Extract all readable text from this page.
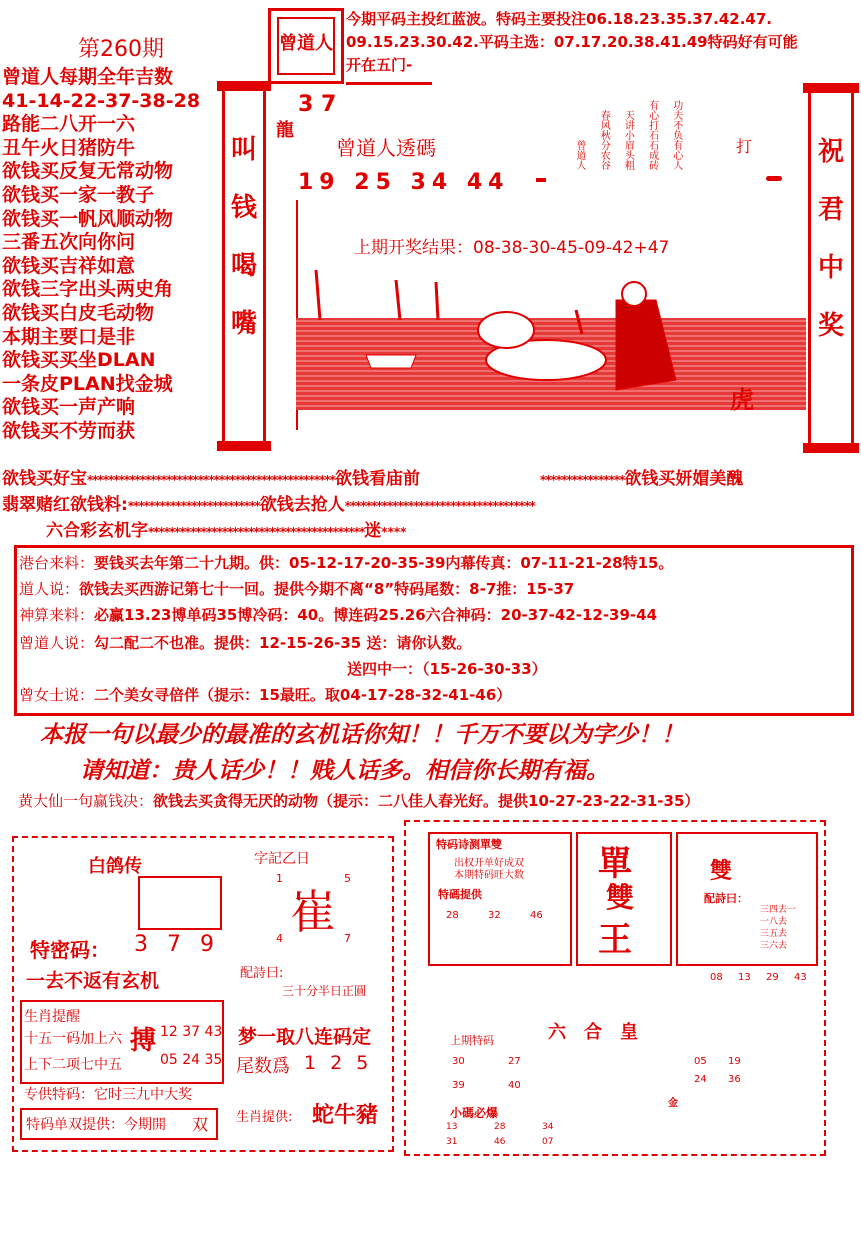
第260期
曾道人每期全年吉数
41-14-22-37-38-28
路能二八开一六
丑午火日猪防牛
欲钱买反复无常动物
欲钱买一家一教子
欲钱买一帆风顺动物
三番五次向你问
欲钱买吉祥如意
欲钱三字出头两史角
欲钱买白皮毛动物
本期主要口是非
欲钱买买坐DLAN
一条皮PLAN找金城
欲钱买一声产响
欲钱买不劳而获
曾道人
今期平码主投红蓝波。特码主要投注06.18.23.35.37.42.47.
09.15.23.30.42.平码主选：07.17.20.38.41.49特码好有可能
开在五门-
3 7
龍
曾道人透碼
19 25 34 44
打
曾道人 春风秋分农谷 天讲小眉头粗 有心打石石成砖 功夫不负有心人
上期开奖结果：08-38-30-45-09-42+47
虎
叫
钱
喝
嘴
祝
君
中
奖
欲钱买好宝***********************************************欲钱看庙前	****************欲钱买妍媢美醜
翡翠赌红欲钱料:*************************欲钱去抢人************************************
六合彩玄机字*****************************************迷****
港台来料：要钱买去年第二十九期。供：05-12-17-20-35-39内幕传真：07-11-21-28特15。
道人说：欲钱去买西游记第七十一回。提供今期不离“8”特码尾数：8-7推：15-37
神算来料：必赢13.23博单码35博冷码：40。博连码25.26六合神码：20-37-42-12-39-44
曾道人说：勾二配二不也准。提供：12-15-26-35 送：请你认数。
送四中一：（15-26-30-33）
曾女士说：二个美女寻倍伴（提示：15最旺。取04-17-28-32-41-46）
本报一句以最少的最准的玄机话你知！！千万不要以为字少！！
请知道：贵人话少！！贱人话多。相信你长期有福。
黄大仙一句赢钱决：欲钱去买贪得无厌的动物（提示：二八佳人春光好。提供10-27-23-22-31-35）
白鸽传
特密码： 3 7 9
一去不返有玄机
生肖提醒
十五一码加上六
上下二项七中五
搏 12 37 43
05 24 35
专供特码：它时三九中大奖
特码单双提供：今期開 双
字記乙日
1	5
崔
4	7
配詩曰:
三十分半日正圓
梦一取八连码定
尾数爲 1 2 5
生肖提供: 蛇牛豬
特码诗测單雙
出权开单好成双
本期特码旺大数
特碼提供
28	32	46
單
雙
王
雙
配詩曰：
三四去一
一八去
三五去
三六去
08 13 29 43
六合皇
上期特码
30	27
39	40
05 19
24 36
金
小碼必爆
13	28	34
31	46	07
